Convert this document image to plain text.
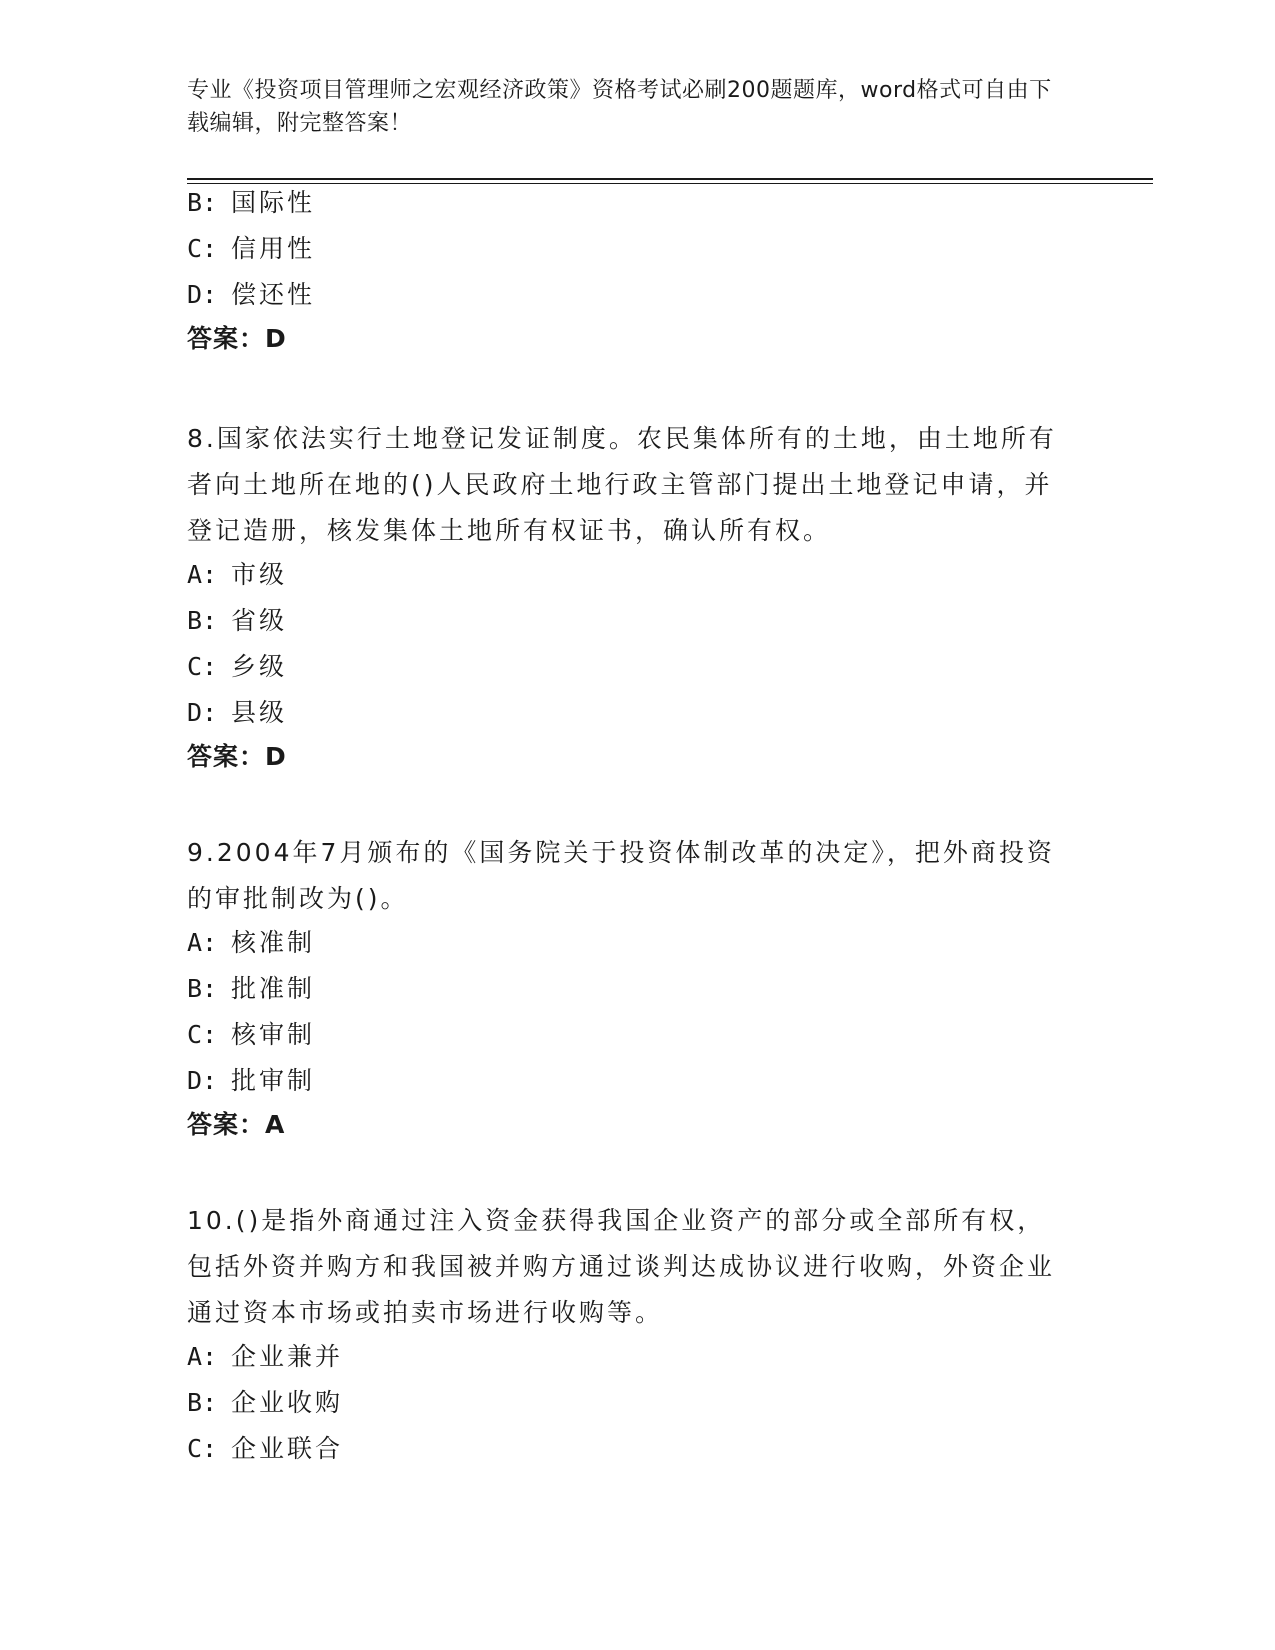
专业《投资项目管理师之宏观经济政策》资格考试必刷200题题库，word格式可自由下载编辑，附完整答案！
B: 国际性
C: 信用性
D: 偿还性
答案：D
8.国家依法实行土地登记发证制度。农民集体所有的土地，由土地所有者向土地所在地的()人民政府土地行政主管部门提出土地登记申请，并登记造册，核发集体土地所有权证书，确认所有权。
A: 市级
B: 省级
C: 乡级
D: 县级
答案：D
9.2004年7月颁布的《国务院关于投资体制改革的决定》，把外商投资的审批制改为()。
A: 核准制
B: 批准制
C: 核审制
D: 批审制
答案：A
10.()是指外商通过注入资金获得我国企业资产的部分或全部所有权，包括外资并购方和我国被并购方通过谈判达成协议进行收购，外资企业通过资本市场或拍卖市场进行收购等。
A: 企业兼并
B: 企业收购
C: 企业联合
